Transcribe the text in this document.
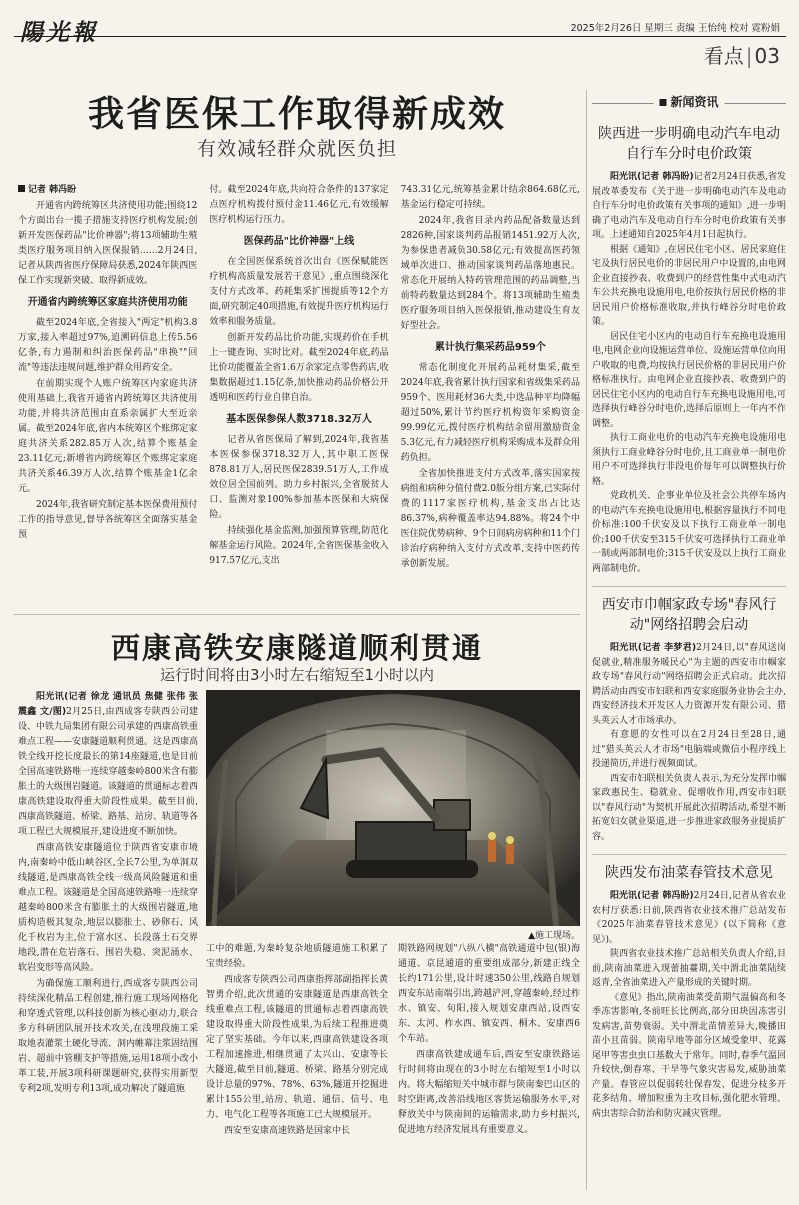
陽光報	2025年2月26日 星期三 责编 王怡纯 校对 霓粉娟
看点 | 03
我省医保工作取得新成效
有效减轻群众就医负担

记者 韩冯盼

开通省内跨统筹区共济使用功能;围绕12个方面出台一揽子措施支持医疗机构发展;创新开发医保药品"比价神器";将13项辅助生殖类医疗服务项目纳入医保报销……2月24日,记者从陕西省医疗保障局获悉,2024年陕西医保工作实现新突破、取得新成效。

开通省内跨统筹区家庭共济使用功能

截至2024年底,全省接入"两定"机构3.8万家,接入率超过97%,追溯码信息上传5.56亿条,有力遏制和纠治医保药品"串换""回流"等违法违规问题,维护群众用药安全。

在前期实现个人账户统筹区内家庭共济使用基础上,我省开通省内跨统筹区共济使用功能,并将共济范围由直系亲属扩大至近亲属。截至2024年底,省内本统筹区个账绑定家庭共济关系282.85万人次,结算个账基金23.11亿元;新增省内跨统筹区个账绑定家庭共济关系46.39万人次,结算个账基金1亿余元。

2024年,我省研究制定基本医保费用预付工作的指导意见,督导各统筹区全面落实基金预

付。截至2024年底,共向符合条件的137家定点医疗机构拨付预付金11.46亿元,有效缓解医疗机构运行压力。

医保药品"比价神器"上线

在全国医保系统首次出台《医保赋能医疗机构高质量发展若干意见》,重点围绕深化支付方式改革、药耗集采扩围提质等12个方面,研究制定40项措施,有效提升医疗机构运行效率和服务质量。

创新开发药品比价功能,实现药价在手机上一键查询、实时比对。截至2024年底,药品比价功能覆盖全省1.6万余家定点零售药店,收集数据超过1.15亿条,加快推动药品价格公开透明和医药行业自律自治。

基本医保参保人数3718.32万人

记者从省医保局了解到,2024年,我省基本医保参保3718.32万人,其中职工医保878.81万人,居民医保2839.51万人,工作成效位居全国前列。助力乡村振兴,全省脱贫人口、监测对象100%参加基本医保和大病保险。

持续强化基金监测,加强预算管理,防范化解基金运行风险。2024年,全省医保基金收入917.57亿元,支出

743.31亿元,统筹基金累计结余864.68亿元,基金运行稳定可持续。

2024年,我省目录内药品配备数量达到2826种,国家谈判药品报销1451.92万人次,为参保患者减负30.58亿元;有效提高医药领域单次进口、推动国家谈判药品落地惠民。常态化开展纳入特药管理范围的药品调整,当前特药数量达到284个。将13项辅助生殖类医疗服务项目纳入医保报销,推动建设生育友好型社会。

累计执行集采药品959个

常态化制度化开展药品耗材集采,截至2024年底,我省累计执行国家和省级集采药品959个、医用耗材36大类,中选品种平均降幅超过50%,累计节约医疗机构资年采购资金99.99亿元,拨付医疗机构结余留用激励资金5.3亿元,有力减轻医疗机构采购成本及群众用药负担。

全省加快推进支付方式改革,落实国家按病组和病种分值付费2.0版分组方案,已实际付费的1117家医疗机构,基金支出占比达86.37%,病种覆盖率达94.88%。将24个中医住院优势病种、9个日间病房病种和11个门诊治疗病种纳入支付方式改革,支持中医药传承创新发展。

新闻资讯
陕西进一步明确电动汽车电动自行车分时电价政策

阳光讯(记者 韩冯盼)记者2月24日获悉,省发展改革委发布《关于进一步明确电动汽车及电动自行车分时电价政策有关事项的通知》,进一步明确了电动汽车及电动自行车分时电价政策有关事项。上述通知自2025年4月1日起执行。

根据《通知》,在居民住宅小区、居民家庭住宅及执行居民电价的非居民用户中设置的,由电网企业直接抄表、收费到户的经营性集中式电动汽车公共充换电设施用电,电价按执行居民价格的非居民用户价格标准收取,并执行峰谷分时电价政策。

居民住宅小区内的电动自行车充换电设施用电,电网企业向设施运营单位、设施运营单位向用户收取的电费,均按执行居民价格的非居民用户价格标准执行。由电网企业直接抄表、收费到户的居民住宅小区内的电动自行车充换电设施用电,可选择执行峰谷分时电价,选择后原则上一年内不作调整。

执行工商业电价的电动汽车充换电设施用电须执行工商业峰谷分时电价,且工商业单一制电价用户不可选择执行非段电价每年可以调整执行价格。

党政机关、企事业单位及社会公共停车场内的电动汽车充换电设施用电,根据容量执行不同电价标准:100千伏安及以下执行工商业单一制电价;100千伏安至315千伏安可选择执行工商业单一制或两部制电价;315千伏安及以上执行工商业两部制电价。

西安市巾帼家政专场"春风行动"网络招聘会启动

阳光讯(记者 李梦君)2月24日,以"春风送岗促就业,精准服务暖民心"为主题的西安市巾帼家政专场"春风行动"网络招聘会正式启动。此次招聘活动由西安市妇联和西安家庭服务业协会主办,西安经济技术开发区人力资源开发有限公司、猎头英云人才市场承办。

有意愿的女性可以在2月24日至28日,通过"猎头英云人才市场"电脑端或微信小程序线上投递简历,并进行视频面试。

西安市妇联相关负责人表示,为充分发挥巾帼家政惠民生、稳就业、促增收作用,西安市妇联以"春风行动"为契机开展此次招聘活动,希望不断拓宽妇女就业渠道,进一步推进家政服务业提质扩容。

陕西发布油菜春管技术意见

阳光讯(记者 韩冯盼)2月24日,记者从省农业农村厅获悉:日前,陕西省农业技术推广总站发布《2025年油菜春管技术意见》(以下简称《意见》)。

陕西省农业技术推广总站相关负责人介绍,目前,陕南油菜进入现蕾抽薹期,关中渭北油菜陆续返青,全省油菜进入产量形成的关键时期。

《意见》指出,陕南油菜受苗期气温偏高和冬季冻害影响,冬前旺长比例高,部分田块因冻害引发病害,苗势衰弱。关中渭北苗情差异大,晚播田苗小且苗弱。陕南早地等部分区域受象甲、花露尾甲等害虫虫口基数大于常年。同时,春季气温回升较快,倒春寒、干旱等气象灾害易发,威胁油菜产量。春管应以促弱转壮保春发、促进分枝多开花多结角、增加粒重为主攻目标,强化肥水管理、病虫害综合防治和防灾减灾管理。

西康高铁安康隧道顺利贯通
运行时间将由3小时左右缩短至1小时以内

阳光讯(记者 徐龙 通讯员 焦健 张伟 张震鑫 文/图)2月25日,由西成客专陕西公司建设、中铁九局集团有限公司承建的西康高铁重难点工程——安康隧道顺利贯通。这是西康高铁全线开挖长度最长的第14座隧道,也是目前全国高速铁路唯一连续穿越秦岭800米含有膨胀土的大级围岩隧道。该隧道的贯通标志着西康高铁建设取得重大阶段性成果。截至目前,西康高铁隧道、桥梁、路基、站房、轨道等各项工程已大规模展开,建设进度不断加快。

西康高铁安康隧道位于陕西省安康市境内,南秦岭中低山峡谷区,全长7公里,为单洞双线隧道,是西康高铁全线一级高风险隧道和重难点工程。该隧道是全国高速铁路唯一连续穿越秦岭800米含有膨胀土的大级围岩隧道,地质构造极其复杂,地层以膨胀土、砂卵石、风化千枚岩为主,位于富水区、长段落土石交界地段,潜在危岩落石、围岩失稳、突泥涌水、软岩变形等高风险。

为确保施工顺利进行,西成客专陕西公司持续深化精品工程创建,推行施工现场网格化和穿透式管理,以科技创新为核心驱动力,联合多方科研团队展开技术攻关,在浅埋段施工采取地表灌浆土硬化导流、洞内帷幕注浆固结围岩、超前中管棚支护等措施,运用18项小改小革工装,开展3项科研课题研究,获得实用新型专利2项,发明专利13项,成功解决了隧道施

▲施工现场。

工中的难题,为秦岭复杂地质隧道施工积累了宝贵经验。

西成客专陕西公司西康指挥部副指挥长黄智勇介绍,此次贯通的安康隧道是西康高铁全线重难点工程,该隧道的贯通标志着西康高铁建设取得重大阶段性成果,为后续工程推进奠定了坚实基础。今年以来,西康高铁建设各项工程加速推进,相继贯通了太兴山、安康等长大隧道,截至目前,隧道、桥梁、路基分别完成设计总量的97%、78%、63%,隧道开挖掘进累计155公里,站房、轨道、通信、信号、电力、电气化工程等各项施工已大规模展开。

西安至安康高速铁路是国家中长

期铁路网规划"八纵八横"高铁通道中包(银)海通道、京昆通道的重要组成部分,新建正线全长约171公里,设计时速350公里,线路自规划西安东站南端引出,跨越浐河,穿越秦岭,经过柞水、镇安、旬阳,接入规划安康西站,设西安东、太河、柞水西、镇安西、桐木、安康西6个车站。

西康高铁建成通车后,西安至安康铁路运行时间将由现在的3小时左右缩短至1小时以内。将大幅缩短关中城市群与陕南秦巴山区的时空距离,改善沿线地区客货运输服务水平,对释放关中与陕南间的运输需求,助力乡村振兴,促进地方经济发展具有重要意义。
